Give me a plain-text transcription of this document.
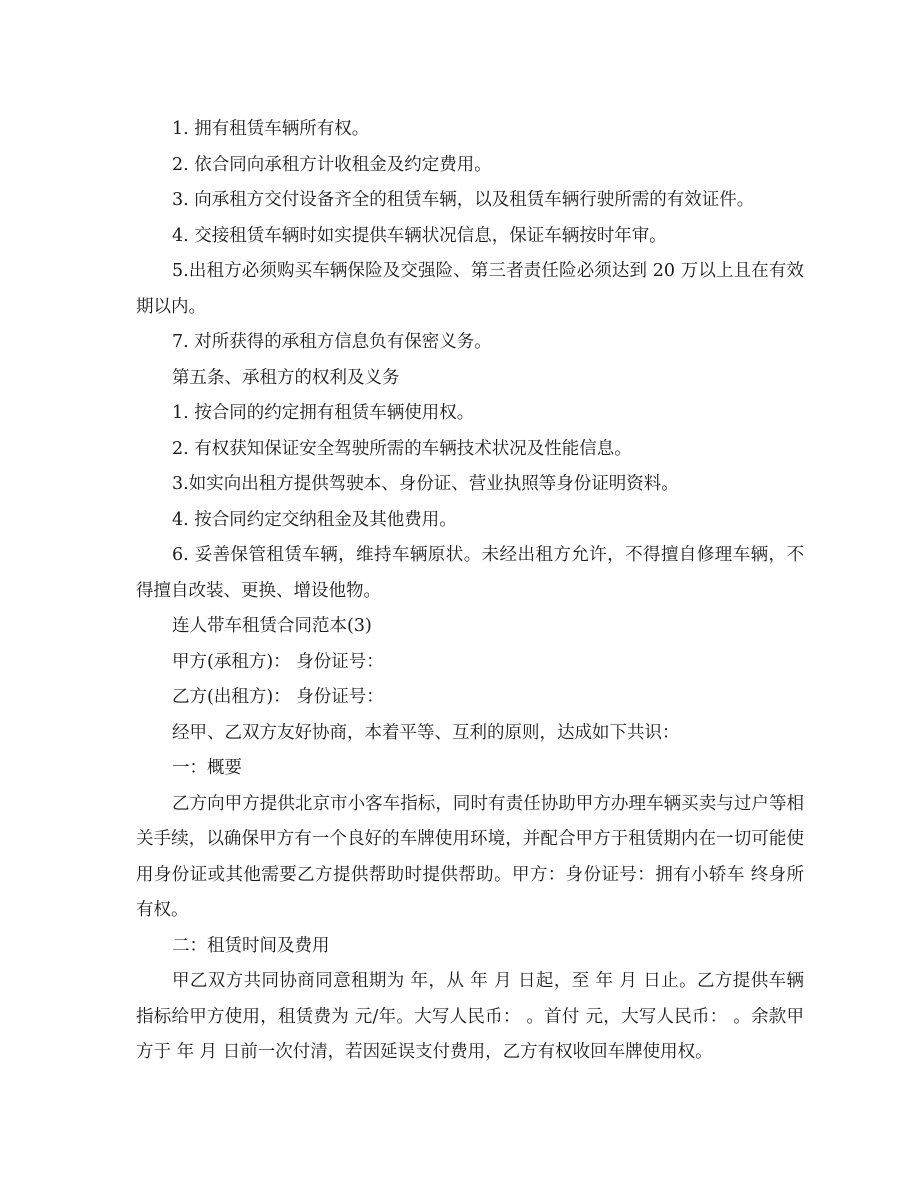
1. 拥有租赁车辆所有权。

2. 依合同向承租方计收租金及约定费用。

3. 向承租方交付设备齐全的租赁车辆，以及租赁车辆行驶所需的有效证件。

4. 交接租赁车辆时如实提供车辆状况信息，保证车辆按时年审。

5.出租方必须购买车辆保险及交强险、第三者责任险必须达到 20 万以上且在有效期以内。

7. 对所获得的承租方信息负有保密义务。

第五条、承租方的权利及义务

1. 按合同的约定拥有租赁车辆使用权。

2. 有权获知保证安全驾驶所需的车辆技术状况及性能信息。

3.如实向出租方提供驾驶本、身份证、营业执照等身份证明资料。

4. 按合同约定交纳租金及其他费用。

6. 妥善保管租赁车辆，维持车辆原状。未经出租方允许，不得擅自修理车辆，不得擅自改装、更换、增设他物。

连人带车租赁合同范本(3)

甲方(承租方)： 身份证号：

乙方(出租方)： 身份证号：

经甲、乙双方友好协商，本着平等、互利的原则，达成如下共识：

一：概要

乙方向甲方提供北京市小客车指标，同时有责任协助甲方办理车辆买卖与过户等相关手续，以确保甲方有一个良好的车牌使用环境，并配合甲方于租赁期内在一切可能使用身份证或其他需要乙方提供帮助时提供帮助。甲方：身份证号：拥有小轿车 终身所有权。

二：租赁时间及费用

甲乙双方共同协商同意租期为 年，从 年 月 日起，至 年 月 日止。乙方提供车辆指标给甲方使用，租赁费为 元/年。大写人民币： 。首付 元，大写人民币： 。余款甲方于 年 月 日前一次付清，若因延误支付费用，乙方有权收回车牌使用权。
